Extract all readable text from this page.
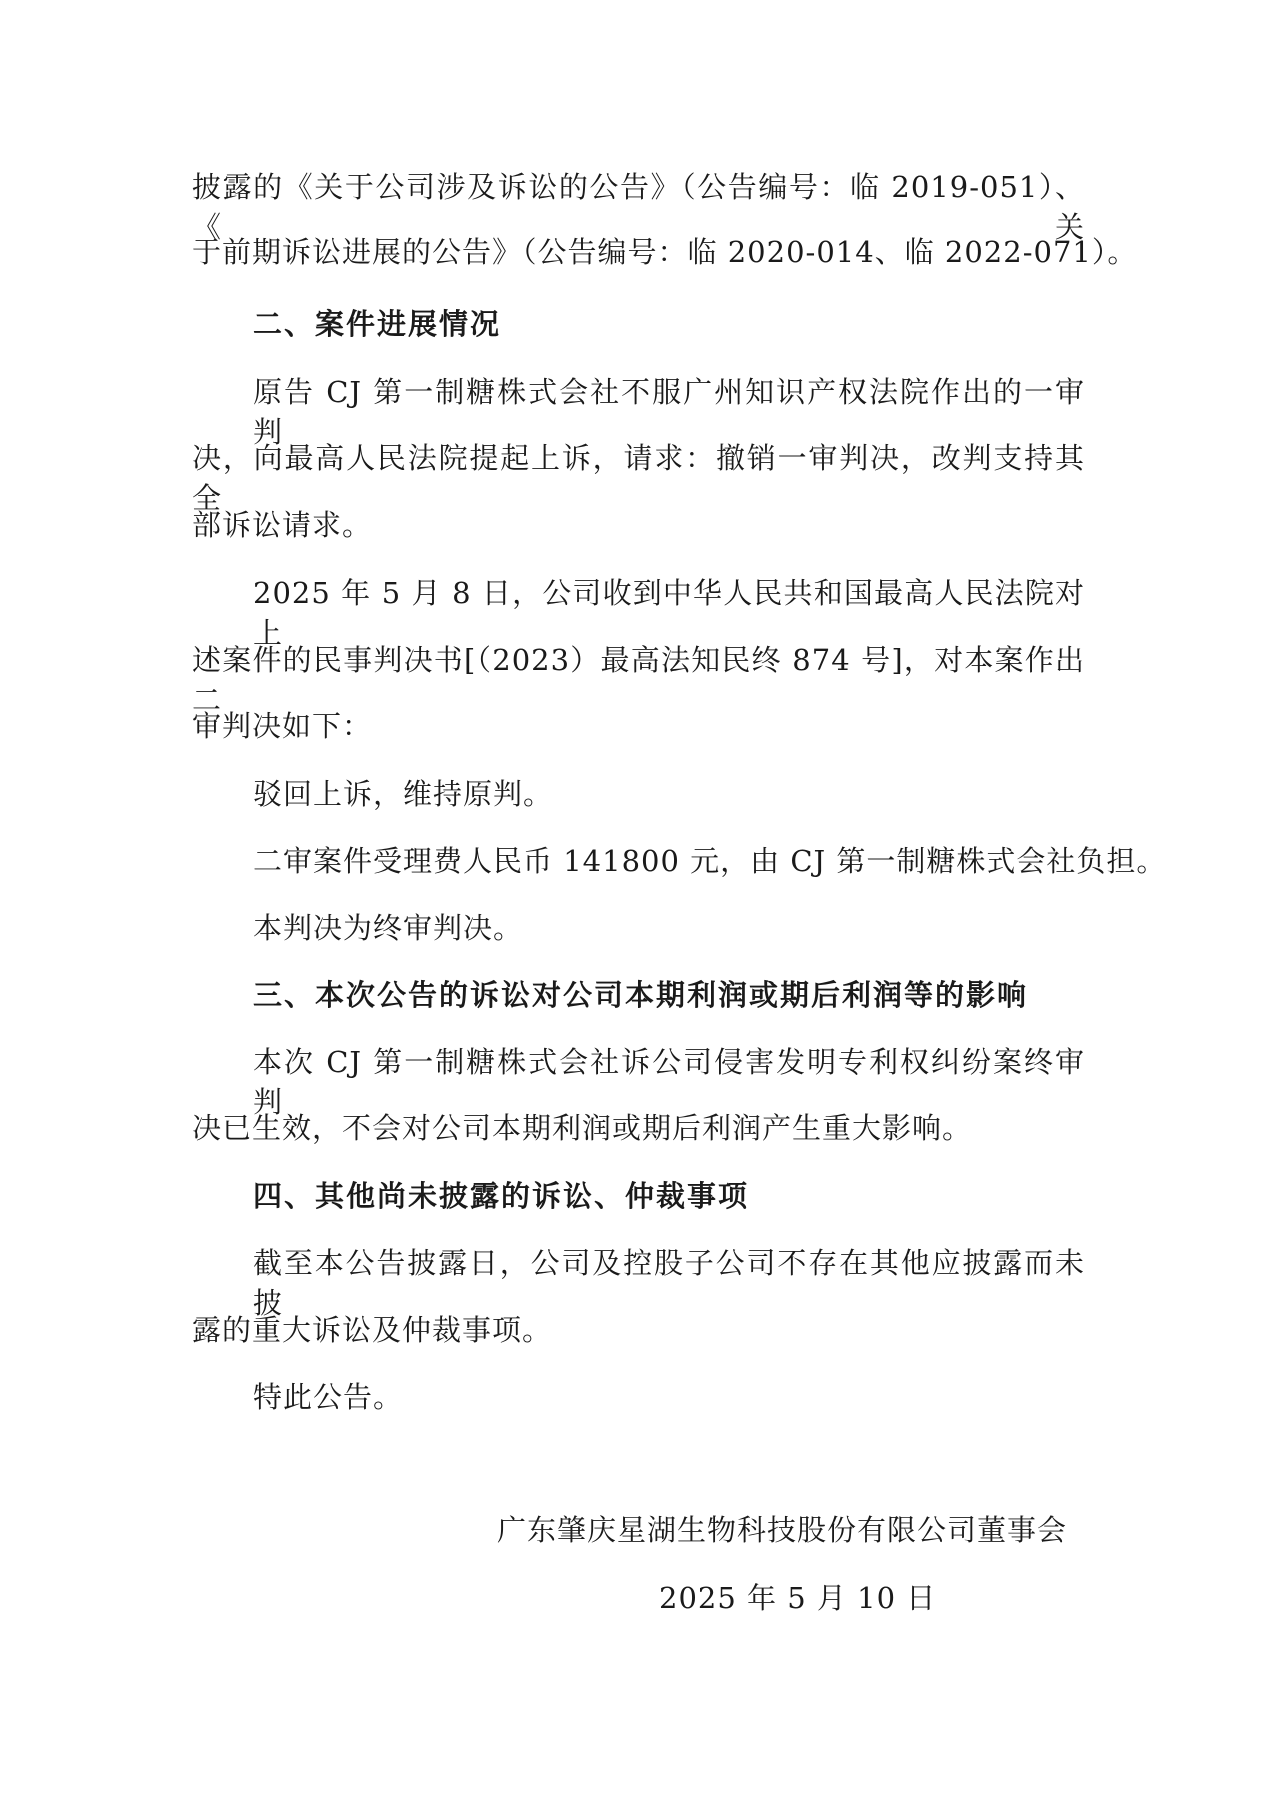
披露的《关于公司涉及诉讼的公告》（公告编号：临 2019-051）、《关
于前期诉讼进展的公告》（公告编号：临 2020-014、临 2022-071）。
二、案件进展情况
原告 CJ 第一制糖株式会社不服广州知识产权法院作出的一审判
决，向最高人民法院提起上诉，请求：撤销一审判决，改判支持其全
部诉讼请求。
2025 年 5 月 8 日，公司收到中华人民共和国最高人民法院对上
述案件的民事判决书[（2023）最高法知民终 874 号]，对本案作出二
审判决如下：
驳回上诉，维持原判。
二审案件受理费人民币 141800 元，由 CJ 第一制糖株式会社负担。
本判决为终审判决。
三、本次公告的诉讼对公司本期利润或期后利润等的影响
本次 CJ 第一制糖株式会社诉公司侵害发明专利权纠纷案终审判
决已生效，不会对公司本期利润或期后利润产生重大影响。
四、其他尚未披露的诉讼、仲裁事项
截至本公告披露日，公司及控股子公司不存在其他应披露而未披
露的重大诉讼及仲裁事项。
特此公告。
广东肇庆星湖生物科技股份有限公司董事会
2025 年 5 月 10 日
